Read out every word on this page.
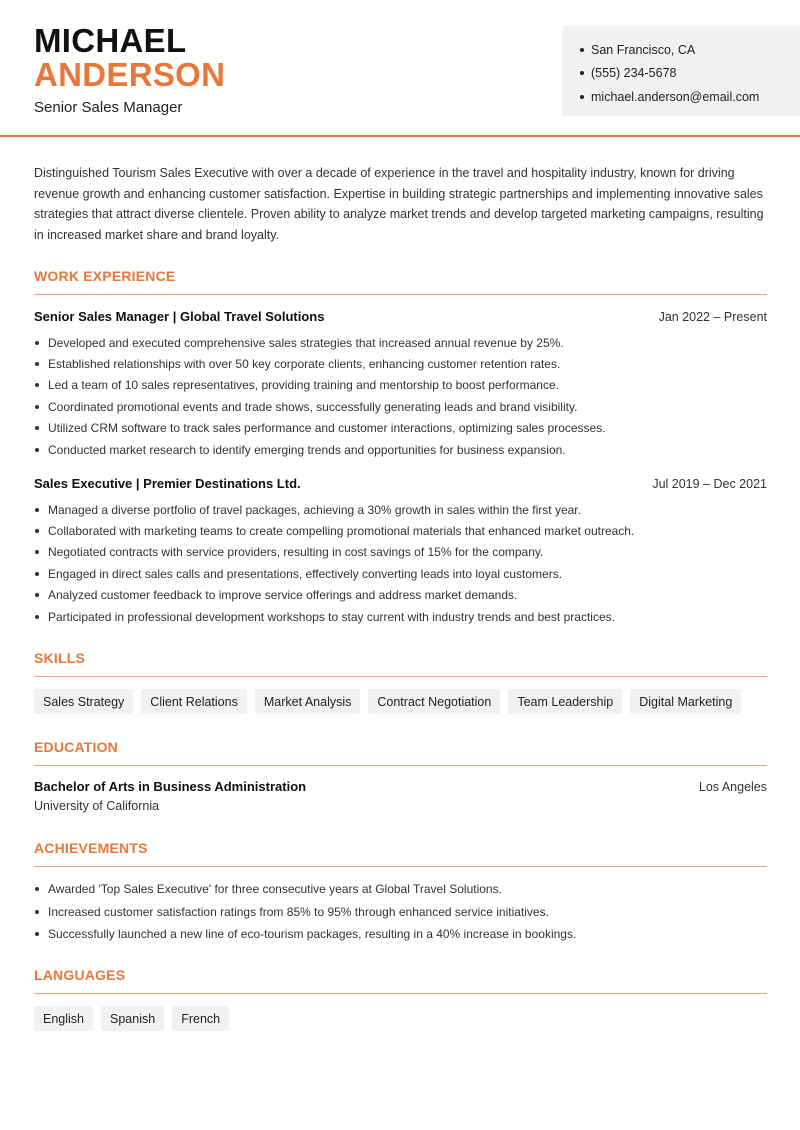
MICHAEL
ANDERSON
Senior Sales Manager
San Francisco, CA
(555) 234-5678
michael.anderson@email.com

Distinguished Tourism Sales Executive with over a decade of experience in the travel and hospitality industry, known for driving revenue growth and enhancing customer satisfaction. Expertise in building strategic partnerships and implementing innovative sales strategies that attract diverse clientele. Proven ability to analyze market trends and develop targeted marketing campaigns, resulting in increased market share and brand loyalty.

WORK EXPERIENCE
Senior Sales Manager | Global Travel Solutions	Jan 2022 – Present
Developed and executed comprehensive sales strategies that increased annual revenue by 25%.
Established relationships with over 50 key corporate clients, enhancing customer retention rates.
Led a team of 10 sales representatives, providing training and mentorship to boost performance.
Coordinated promotional events and trade shows, successfully generating leads and brand visibility.
Utilized CRM software to track sales performance and customer interactions, optimizing sales processes.
Conducted market research to identify emerging trends and opportunities for business expansion.
Sales Executive | Premier Destinations Ltd.	Jul 2019 – Dec 2021
Managed a diverse portfolio of travel packages, achieving a 30% growth in sales within the first year.
Collaborated with marketing teams to create compelling promotional materials that enhanced market outreach.
Negotiated contracts with service providers, resulting in cost savings of 15% for the company.
Engaged in direct sales calls and presentations, effectively converting leads into loyal customers.
Analyzed customer feedback to improve service offerings and address market demands.
Participated in professional development workshops to stay current with industry trends and best practices.
SKILLS
Sales Strategy	Client Relations	Market Analysis	Contract Negotiation	Team Leadership	Digital Marketing
EDUCATION
Bachelor of Arts in Business Administration	Los Angeles
University of California
ACHIEVEMENTS
Awarded 'Top Sales Executive' for three consecutive years at Global Travel Solutions.
Increased customer satisfaction ratings from 85% to 95% through enhanced service initiatives.
Successfully launched a new line of eco-tourism packages, resulting in a 40% increase in bookings.
LANGUAGES
English	Spanish	French
